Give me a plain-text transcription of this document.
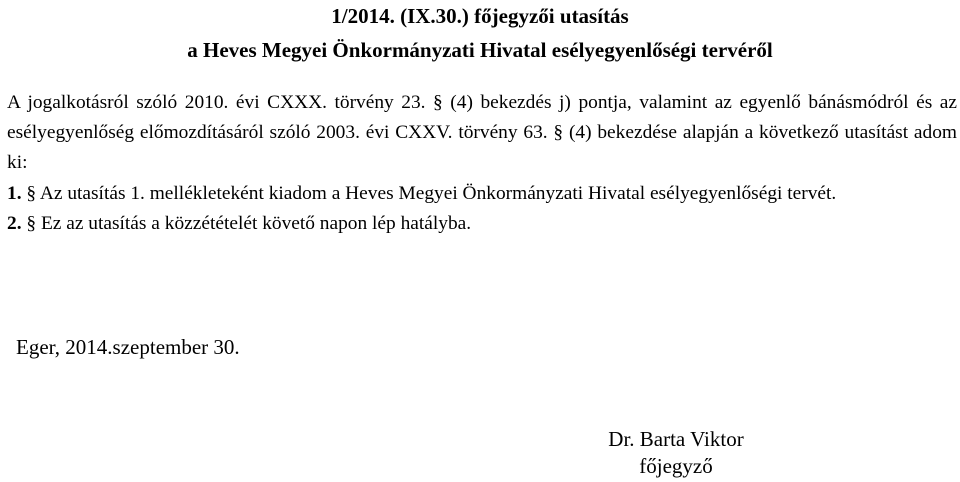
1/2014. (IX.30.) főjegyzői utasítás
a Heves Megyei Önkormányzati Hivatal esélyegyenlőségi tervéről

A jogalkotásról szóló 2010. évi CXXX. törvény 23. § (4) bekezdés j) pontja, valamint az egyenlő bánásmódról és az esélyegyenlőség előmozdításáról szóló 2003. évi CXXV. törvény 63. § (4) bekezdése alapján a következő utasítást adom ki:

1. § Az utasítás 1. mellékleteként kiadom a Heves Megyei Önkormányzati Hivatal esélyegyenlőségi tervét.

2. § Ez az utasítás a közzétételét követő napon lép hatályba.

Eger, 2014.szeptember 30.
Dr. Barta Viktor
főjegyző
